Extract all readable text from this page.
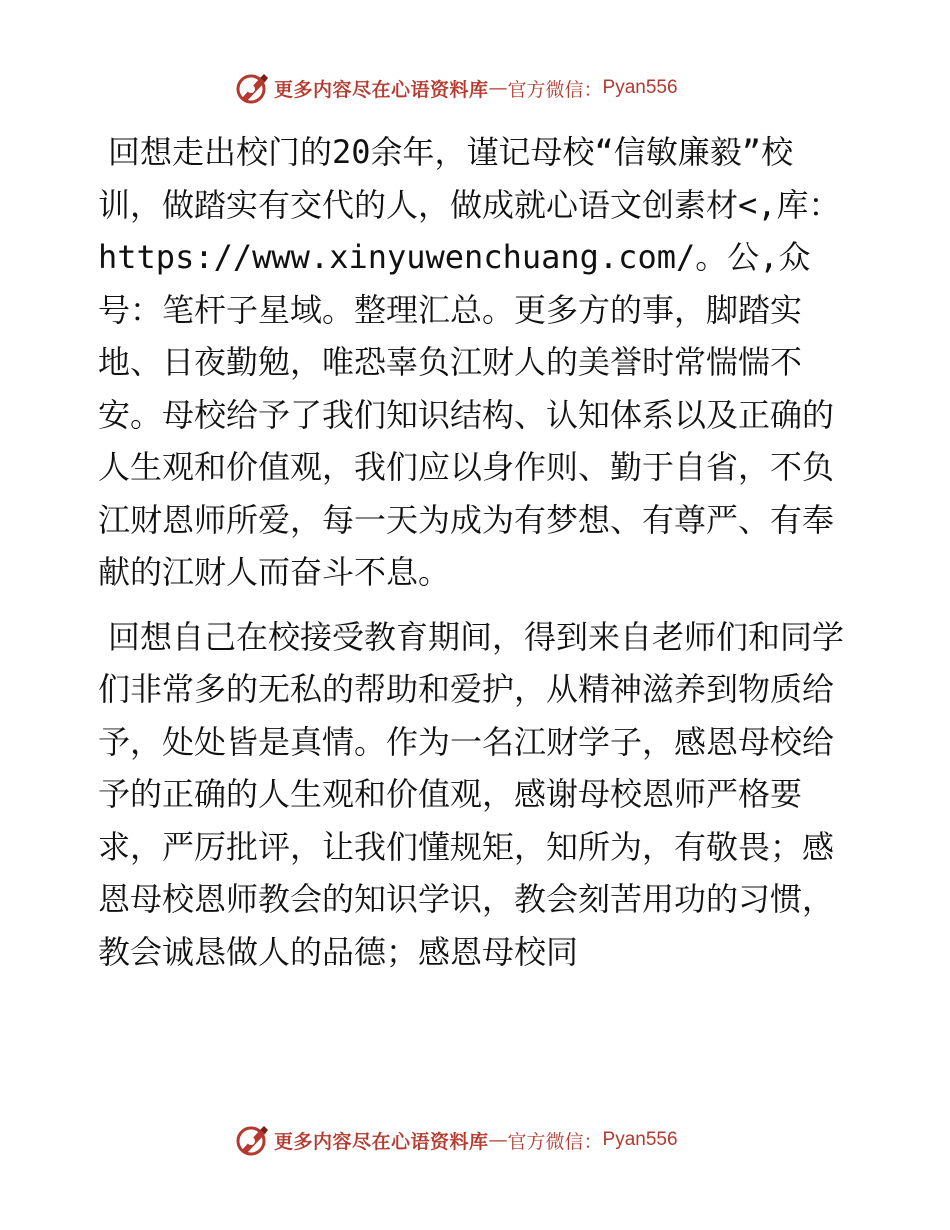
更多内容尽在心语资料库 — 官方微信： Pyan556

回想走出校门的20余年，谨记母校“信敏廉毅”校训，做踏实有交代的人，做成就心语文创素材<,库：https://www.xinyuwenchuang.com/。公,众号：笔杆子星域。整理汇总。更多方的事，脚踏实地、日夜勤勉，唯恐辜负江财人的美誉时常惴惴不安。母校给予了我们知识结构、认知体系以及正确的人生观和价值观，我们应以身作则、勤于自省，不负江财恩师所爱，每一天为成为有梦想、有尊严、有奉献的江财人而奋斗不息。

回想自己在校接受教育期间，得到来自老师们和同学们非常多的无私的帮助和爱护，从精神滋养到物质给予，处处皆是真情。作为一名江财学子，感恩母校给予的正确的人生观和价值观，感谢母校恩师严格要求，严厉批评，让我们懂规矩，知所为，有敬畏；感恩母校恩师教会的知识学识，教会刻苦用功的习惯，教会诚恳做人的品德；感恩母校同

更多内容尽在心语资料库 — 官方微信： Pyan556
